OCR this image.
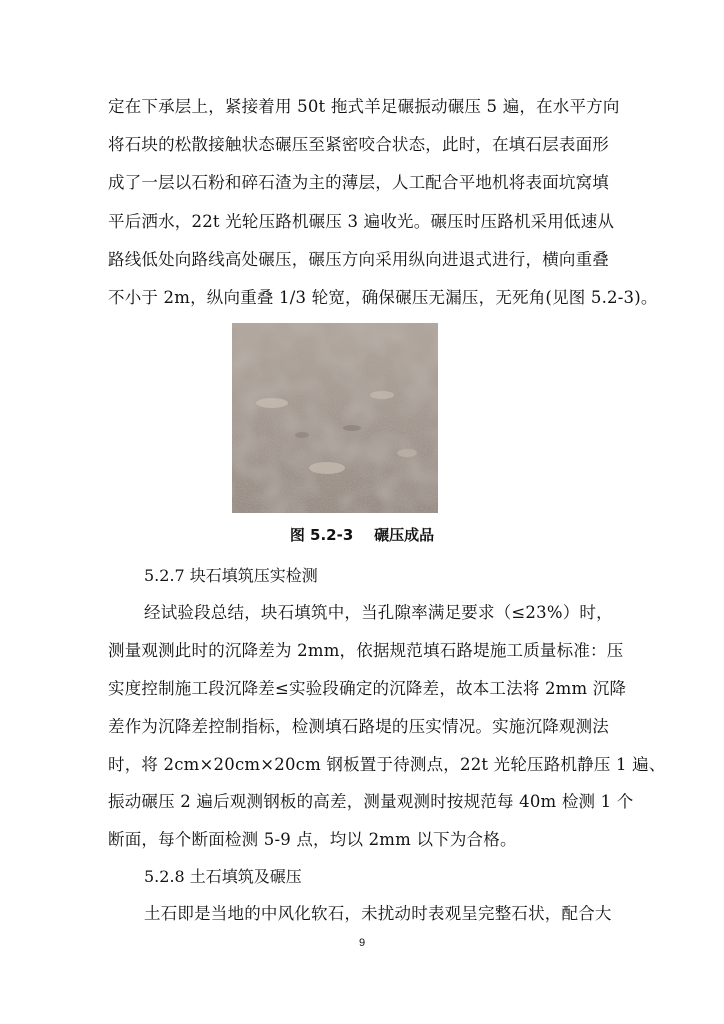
定在下承层上，紧接着用 50t 拖式羊足碾振动碾压 5 遍，在水平方向
将石块的松散接触状态碾压至紧密咬合状态，此时，在填石层表面形
成了一层以石粉和碎石渣为主的薄层，人工配合平地机将表面坑窝填
平后洒水，22t 光轮压路机碾压 3 遍收光。碾压时压路机采用低速从
路线低处向路线高处碾压，碾压方向采用纵向进退式进行，横向重叠
不小于 2m，纵向重叠 1/3 轮宽，确保碾压无漏压，无死角(见图 5.2-3)。
图 5.2-3    碾压成品
5.2.7 块石填筑压实检测
经试验段总结，块石填筑中，当孔隙率满足要求（≤23%）时，
测量观测此时的沉降差为 2mm，依据规范填石路堤施工质量标准：压
实度控制施工段沉降差≤实验段确定的沉降差，故本工法将 2mm 沉降
差作为沉降差控制指标，检测填石路堤的压实情况。实施沉降观测法
时，将 2cm×20cm×20cm 钢板置于待测点，22t 光轮压路机静压 1 遍、
振动碾压 2 遍后观测钢板的高差，测量观测时按规范每 40m 检测 1 个
断面，每个断面检测 5-9 点，均以 2mm 以下为合格。
5.2.8 土石填筑及碾压
土石即是当地的中风化软石，未扰动时表观呈完整石状，配合大
9
